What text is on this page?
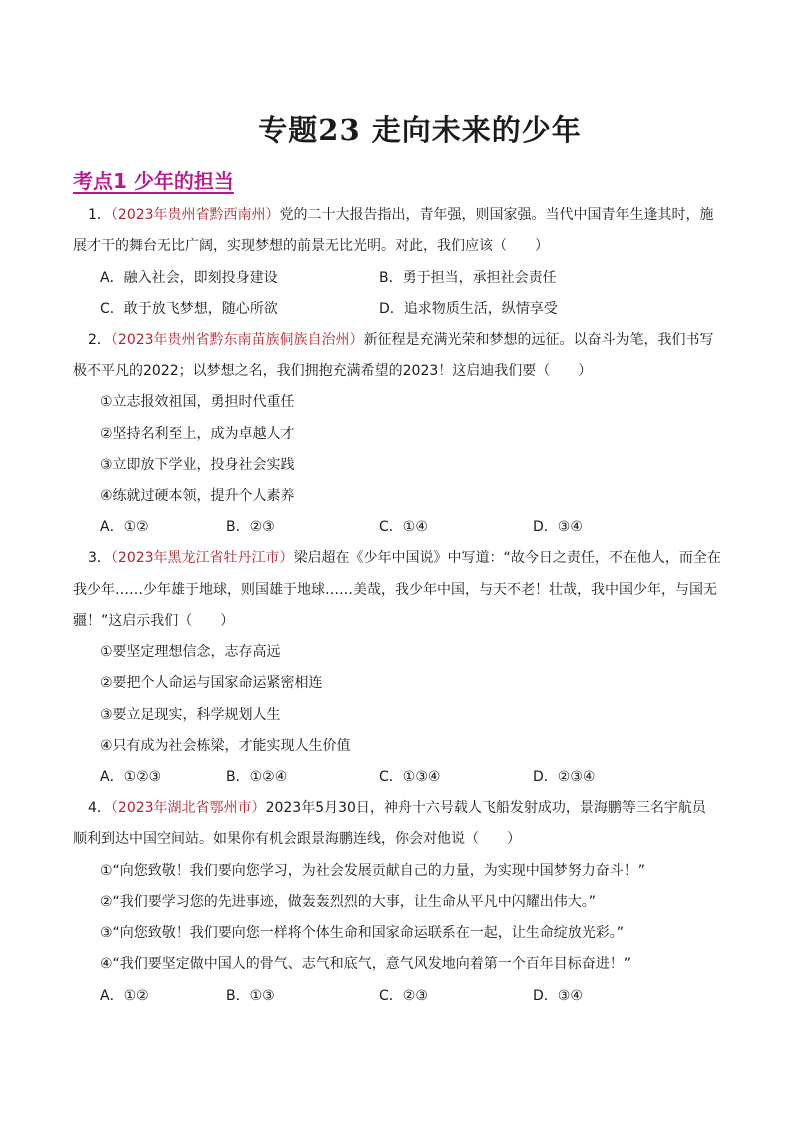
专题23 走向未来的少年
考点1 少年的担当
1．（2023年贵州省黔西南州）党的二十大报告指出，青年强，则国家强。当代中国青年生逢其时，施
展才干的舞台无比广阔，实现梦想的前景无比光明。对此，我们应该（　　）
A．融入社会，即刻投身建设	B．勇于担当，承担社会责任
C．敢于放飞梦想，随心所欲	D．追求物质生活，纵情享受
2．（2023年贵州省黔东南苗族侗族自治州）新征程是充满光荣和梦想的远征。以奋斗为笔，我们书写
极不平凡的2022；以梦想之名，我们拥抱充满希望的2023！这启迪我们要（　　）
①立志报效祖国，勇担时代重任
②坚持名利至上，成为卓越人才
③立即放下学业，投身社会实践
④练就过硬本领，提升个人素养
A．①②	B．②③	C．①④	D．③④
3．（2023年黑龙江省牡丹江市）梁启超在《少年中国说》中写道：“故今日之责任，不在他人，而全在
我少年……少年雄于地球，则国雄于地球……美哉，我少年中国，与天不老！壮哉，我中国少年，与国无
疆！”这启示我们（　　）
①要坚定理想信念，志存高远
②要把个人命运与国家命运紧密相连
③要立足现实，科学规划人生
④只有成为社会栋梁，才能实现人生价值
A．①②③	B．①②④	C．①③④	D．②③④
4．（2023年湖北省鄂州市）2023年5月30日，神舟十六号载人飞船发射成功，景海鹏等三名宇航员
顺利到达中国空间站。如果你有机会跟景海鹏连线，你会对他说（　　）
①“向您致敬！我们要向您学习，为社会发展贡献自己的力量，为实现中国梦努力奋斗！”
②“我们要学习您的先进事迹，做轰轰烈烈的大事，让生命从平凡中闪耀出伟大。”
③“向您致敬！我们要向您一样将个体生命和国家命运联系在一起，让生命绽放光彩。”
④“我们要坚定做中国人的骨气、志气和底气，意气风发地向着第一个百年目标奋进！”
A．①②	B．①③	C．②③	D．③④
